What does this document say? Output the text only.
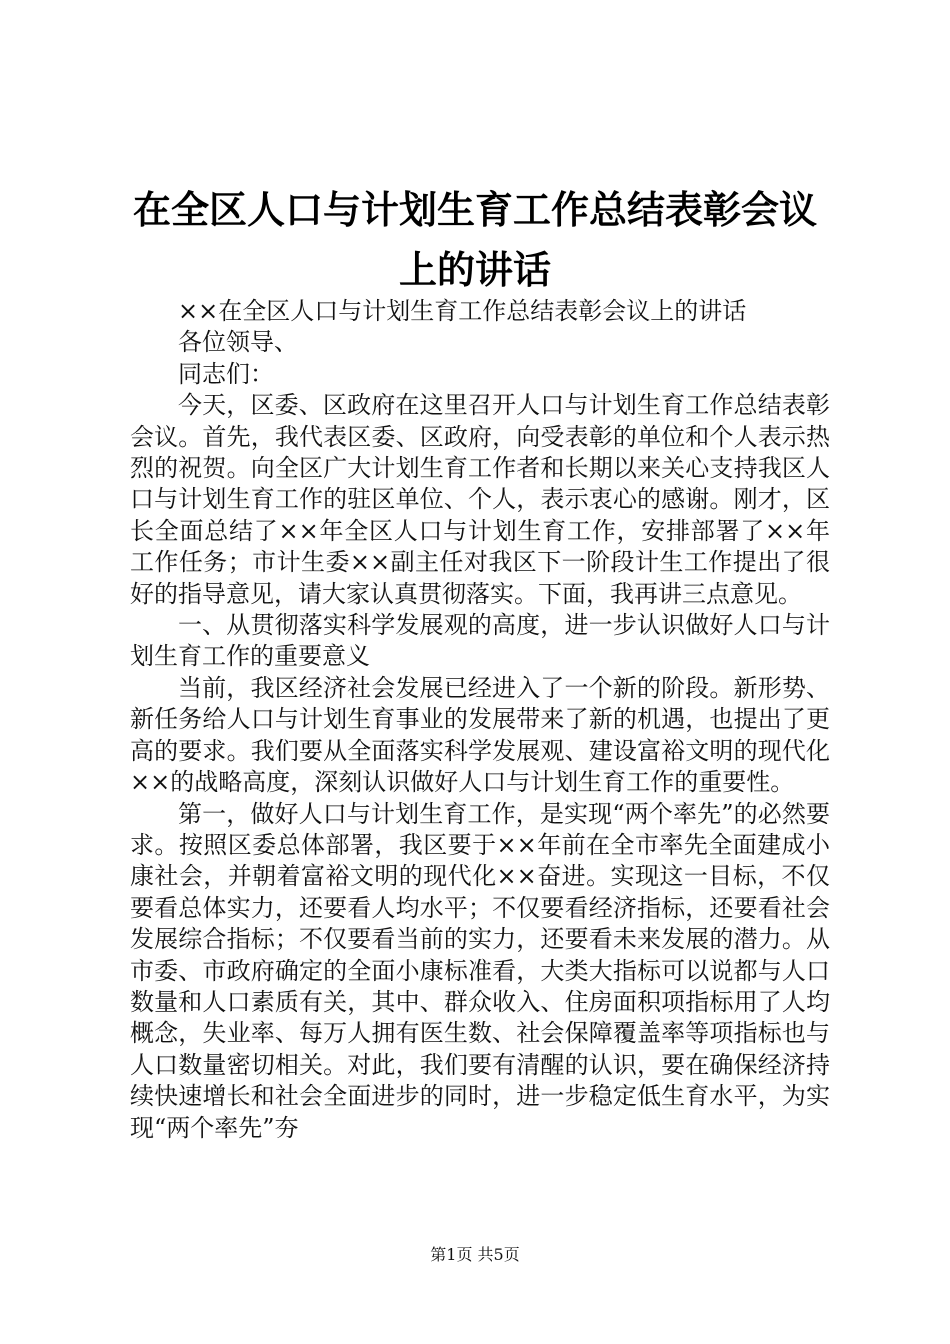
在全区人口与计划生育工作总结表彰会议上的讲话

××在全区人口与计划生育工作总结表彰会议上的讲话

各位领导、

同志们：

今天，区委、区政府在这里召开人口与计划生育工作总结表彰会议。首先，我代表区委、区政府，向受表彰的单位和个人表示热烈的祝贺。向全区广大计划生育工作者和长期以来关心支持我区人口与计划生育工作的驻区单位、个人，表示衷心的感谢。刚才，区长全面总结了××年全区人口与计划生育工作，安排部署了××年工作任务；市计生委××副主任对我区下一阶段计生工作提出了很好的指导意见，请大家认真贯彻落实。下面，我再讲三点意见。

一、从贯彻落实科学发展观的高度，进一步认识做好人口与计划生育工作的重要意义

当前，我区经济社会发展已经进入了一个新的阶段。新形势、新任务给人口与计划生育事业的发展带来了新的机遇，也提出了更高的要求。我们要从全面落实科学发展观、建设富裕文明的现代化××的战略高度，深刻认识做好人口与计划生育工作的重要性。

第一，做好人口与计划生育工作，是实现“两个率先”的必然要求。按照区委总体部署，我区要于××年前在全市率先全面建成小康社会，并朝着富裕文明的现代化××奋进。实现这一目标，不仅要看总体实力，还要看人均水平；不仅要看经济指标，还要看社会发展综合指标；不仅要看当前的实力，还要看未来发展的潜力。从市委、市政府确定的全面小康标准看，大类大指标可以说都与人口数量和人口素质有关，其中、群众收入、住房面积项指标用了人均概念，失业率、每万人拥有医生数、社会保障覆盖率等项指标也与人口数量密切相关。对此，我们要有清醒的认识，要在确保经济持续快速增长和社会全面进步的同时，进一步稳定低生育水平，为实现“两个率先”夯

第1页 共5页
